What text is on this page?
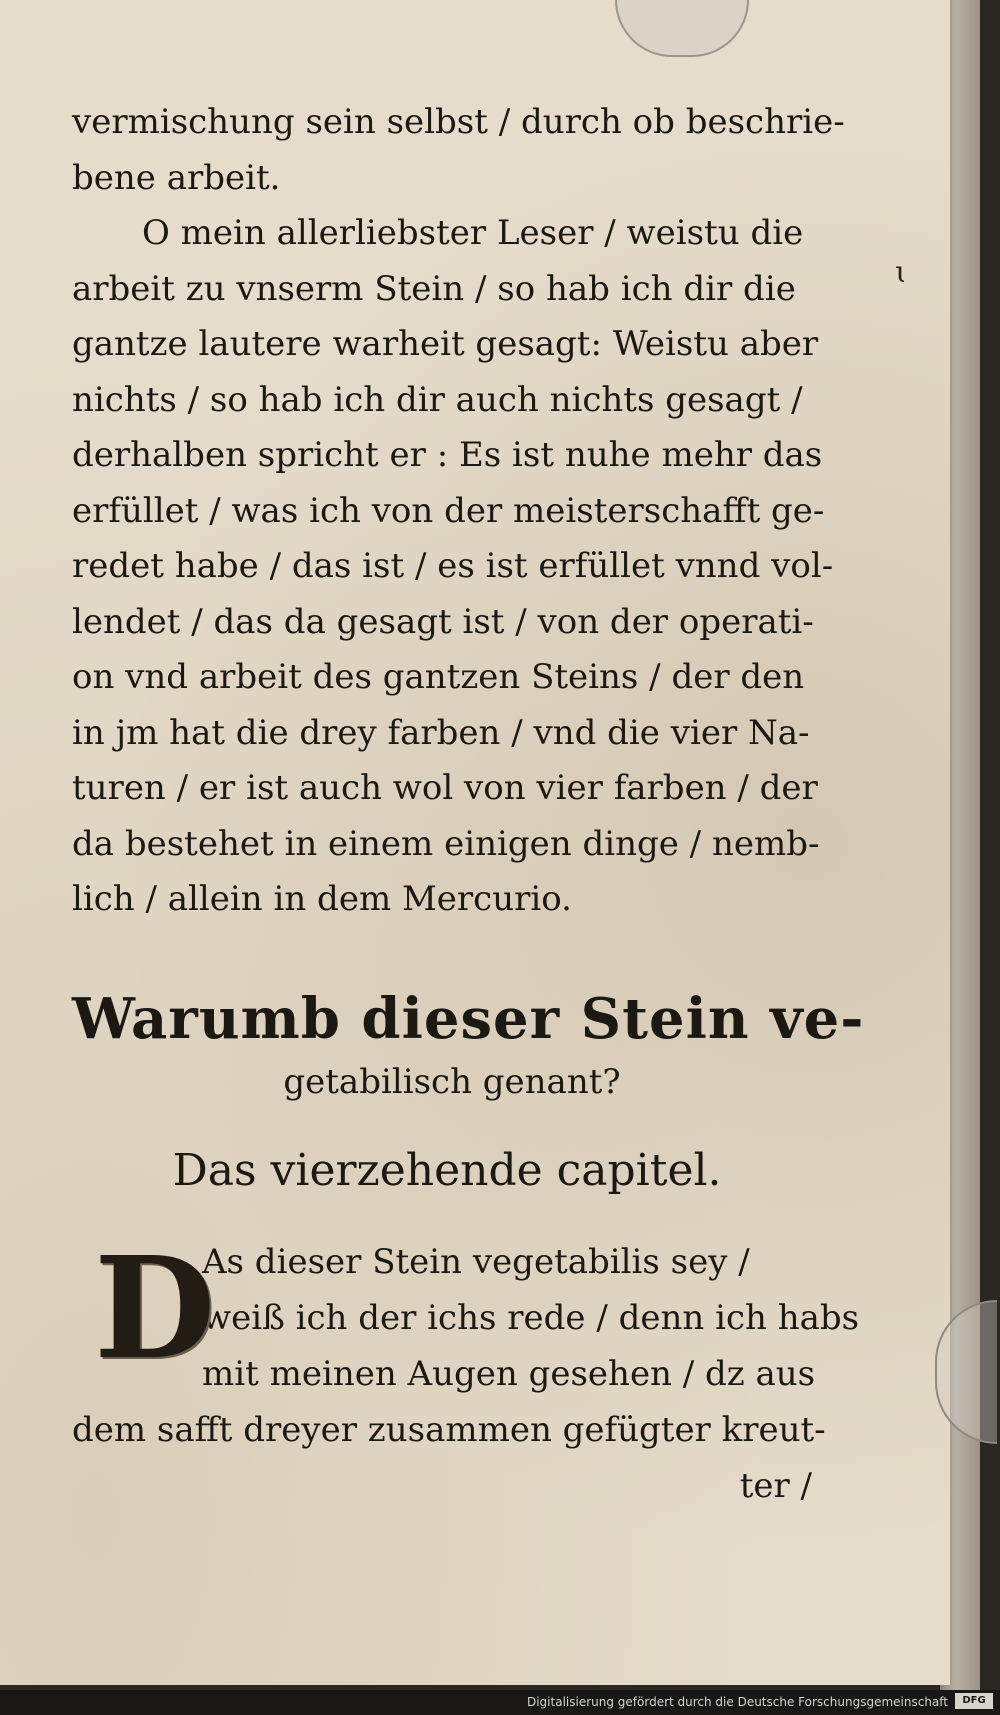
vermischung sein selbst / durch ob beschrie-

bene arbeit.

O mein allerliebster Leser / weistu die

arbeit zu vnserm Stein / so hab ich dir die

gantze lautere warheit gesagt: Weistu aber

nichts / so hab ich dir auch nichts gesagt /

derhalben spricht er : Es ist nuhe mehr das

erfüllet / was ich von der meisterschafft ge-

redet habe / das ist / es ist erfüllet vnnd vol-

lendet / das da gesagt ist / von der operati-

on vnd arbeit des gantzen Steins / der den

in jm hat die drey farben / vnd die vier Na-

turen / er ist auch wol von vier farben / der

da bestehet in einem einigen dinge / nemb-

lich / allein in dem Mercurio.

Warumb dieser Stein ve-
getabilisch genant?
Das vierzehende capitel.
D

As dieser Stein vegetabilis sey /

weiß ich der ichs rede / denn ich habs

mit meinen Augen gesehen / dz aus

dem safft dreyer zusammen gefügter kreut-

ter /

ɩ
Digitalisierung gefördert durch die Deutsche Forschungsgemeinschaft	DFG
